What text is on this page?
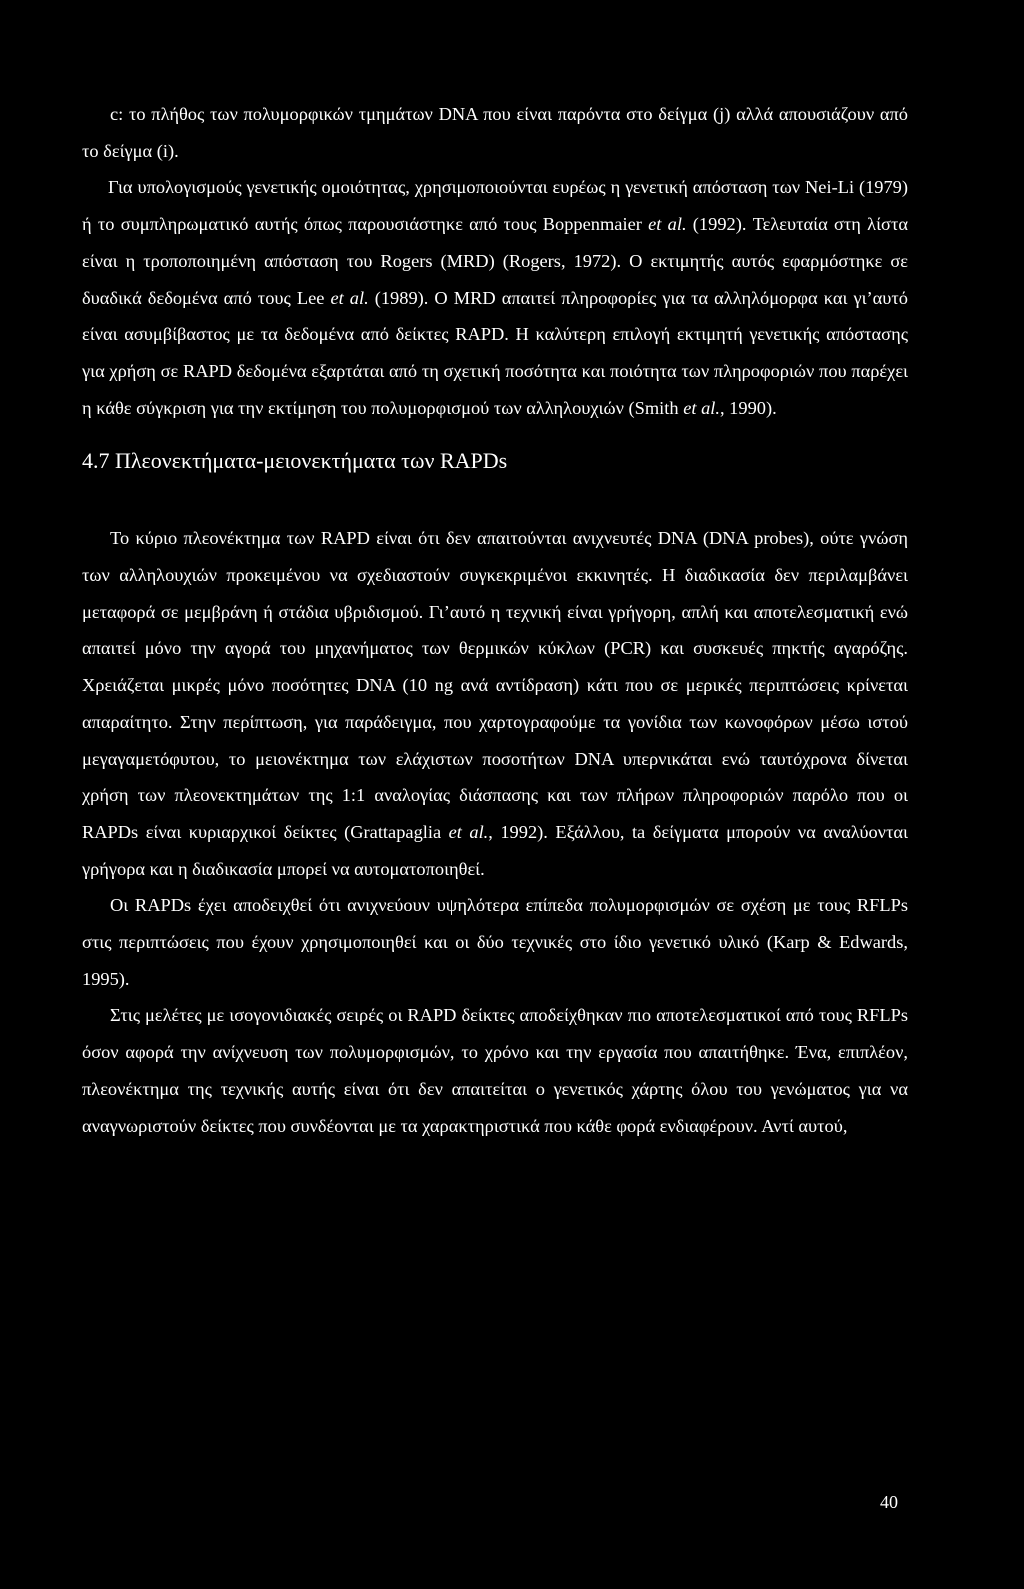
c: το πλήθος των πολυμορφικών τμημάτων DNA που είναι παρόντα στο δείγμα (j) αλλά απουσιάζουν από το δείγμα (i).

Για υπολογισμούς γενετικής ομοιότητας, χρησιμοποιούνται ευρέως η γενετική απόσταση των Nei-Li (1979) ή το συμπληρωματικό αυτής όπως παρουσιάστηκε από τους Boppenmaier et al. (1992). Τελευταία στη λίστα είναι η τροποποιημένη απόσταση του Rogers (MRD) (Rogers, 1972). Ο εκτιμητής αυτός εφαρμόστηκε σε δυαδικά δεδομένα από τους Lee et al. (1989). Ο MRD απαιτεί πληροφορίες για τα αλληλόμορφα και γι’αυτό είναι ασυμβίβαστος με τα δεδομένα από δείκτες RAPD. Η καλύτερη επιλογή εκτιμητή γενετικής απόστασης για χρήση σε RAPD δεδομένα εξαρτάται από τη σχετική ποσότητα και ποιότητα των πληροφοριών που παρέχει η κάθε σύγκριση για την εκτίμηση του πολυμορφισμού των αλληλουχιών (Smith et al., 1990).

4.7 Πλεονεκτήματα-μειονεκτήματα των RAPDs

Το κύριο πλεονέκτημα των RAPD είναι ότι δεν απαιτούνται ανιχνευτές DNA (DNA probes), ούτε γνώση των αλληλουχιών προκειμένου να σχεδιαστούν συγκεκριμένοι εκκινητές. Η διαδικασία δεν περιλαμβάνει μεταφορά σε μεμβράνη ή στάδια υβριδισμού. Γι’αυτό η τεχνική είναι γρήγορη, απλή και αποτελεσματική ενώ απαιτεί μόνο την αγορά του μηχανήματος των θερμικών κύκλων (PCR) και συσκευές πηκτής αγαρόζης. Χρειάζεται μικρές μόνο ποσότητες DNA (10 ng ανά αντίδραση) κάτι που σε μερικές περιπτώσεις κρίνεται απαραίτητο. Στην περίπτωση, για παράδειγμα, που χαρτογραφούμε τα γονίδια των κωνοφόρων μέσω ιστού μεγαγαμετόφυτου, το μειονέκτημα των ελάχιστων ποσοτήτων DNA υπερνικάται ενώ ταυτόχρονα δίνεται χρήση των πλεονεκτημάτων της 1:1 αναλογίας διάσπασης και των πλήρων πληροφοριών παρόλο που οι RAPDs είναι κυριαρχικοί δείκτες (Grattapaglia et al., 1992). Εξάλλου, ta δείγματα μπορούν να αναλύονται γρήγορα και η διαδικασία μπορεί να αυτοματοποιηθεί.

Οι RAPDs έχει αποδειχθεί ότι ανιχνεύουν υψηλότερα επίπεδα πολυμορφισμών σε σχέση με τους RFLPs στις περιπτώσεις που έχουν χρησιμοποιηθεί και οι δύο τεχνικές στο ίδιο γενετικό υλικό (Karp & Edwards, 1995).

Στις μελέτες με ισογονιδιακές σειρές οι RAPD δείκτες αποδείχθηκαν πιο αποτελεσματικοί από τους RFLPs όσον αφορά την ανίχνευση των πολυμορφισμών, το χρόνο και την εργασία που απαιτήθηκε. Ένα, επιπλέον, πλεονέκτημα της τεχνικής αυτής είναι ότι δεν απαιτείται ο γενετικός χάρτης όλου του γενώματος για να αναγνωριστούν δείκτες που συνδέονται με τα χαρακτηριστικά που κάθε φορά ενδιαφέρουν. Αντί αυτού,

40
